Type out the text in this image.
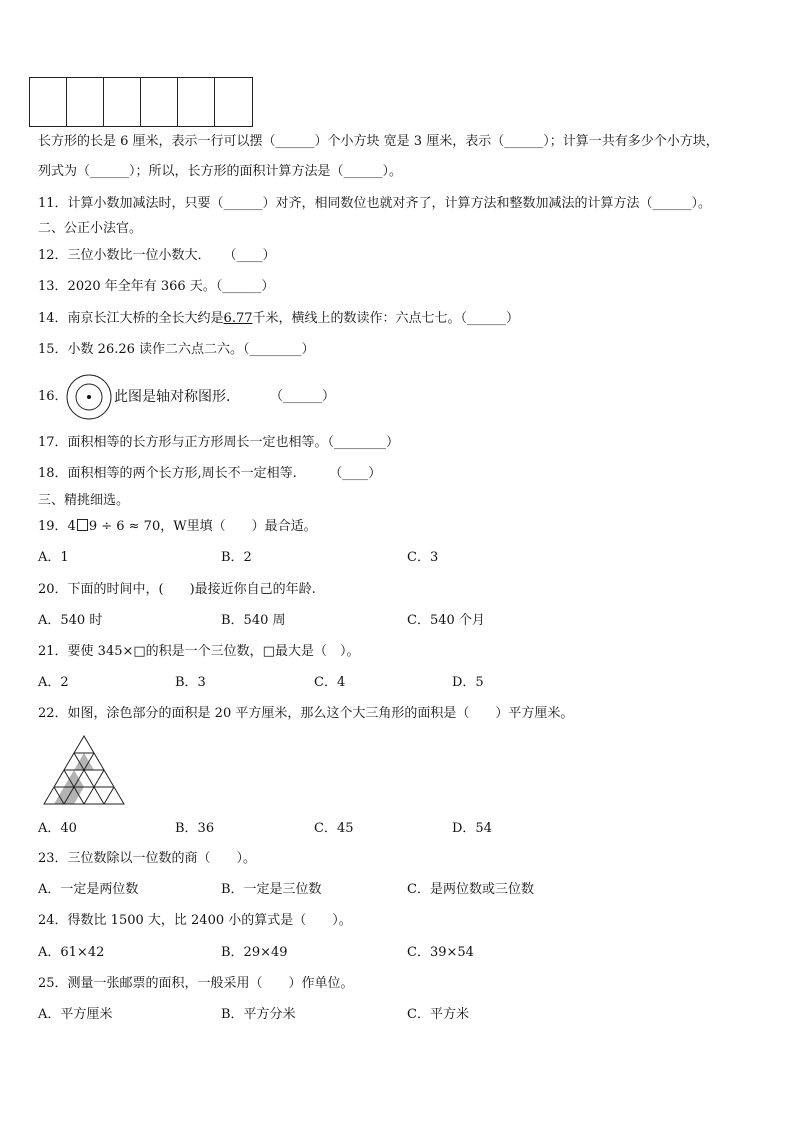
长方形的长是 6 厘米，表示一行可以摆（______）个小方块 宽是 3 厘米，表示（______）；计算一共有多少个小方块，
列式为（______）；所以，长方形的面积计算方法是（______）。
11．计算小数加减法时，只要（______）对齐，相同数位也就对齐了，计算方法和整数加减法的计算方法（______）。
二、公正小法官。
12．三位小数比一位小数大．　　（____）
13．2020 年全年有 366 天。（______）
14．南京长江大桥的全长大约是6.77千米，横线上的数读作：六点七七。（______）
15．小数 26.26 读作二六点二六。（________）
16．	此图是轴对称图形． （______）
17．面积相等的长方形与正方形周长一定也相等。（________）
18．面积相等的两个长方形,周长不一定相等.　　　（____）
三、精挑细选。
19．4 9 ÷ 6 ≈ 70，W里填（　　）最合适。
A．1	B．2	C．3
20．下面的时间中，(　　)最接近你自己的年龄.
A．540 时	B．540 周	C．540 个月
21．要使 345×□的积是一个三位数，□最大是（　）。
A．2	B．3	C．4	D．5
22．如图，涂色部分的面积是 20 平方厘米，那么这个大三角形的面积是（　　）平方厘米。
A．40	B．36	C．45	D．54
23．三位数除以一位数的商（　　）。
A．一定是两位数	B．一定是三位数	C．是两位数或三位数
24．得数比 1500 大，比 2400 小的算式是（　　）。
A．61×42	B．29×49	C．39×54
25．测量一张邮票的面积，一般采用（　　）作单位。
A．平方厘米	B．平方分米	C．平方米
